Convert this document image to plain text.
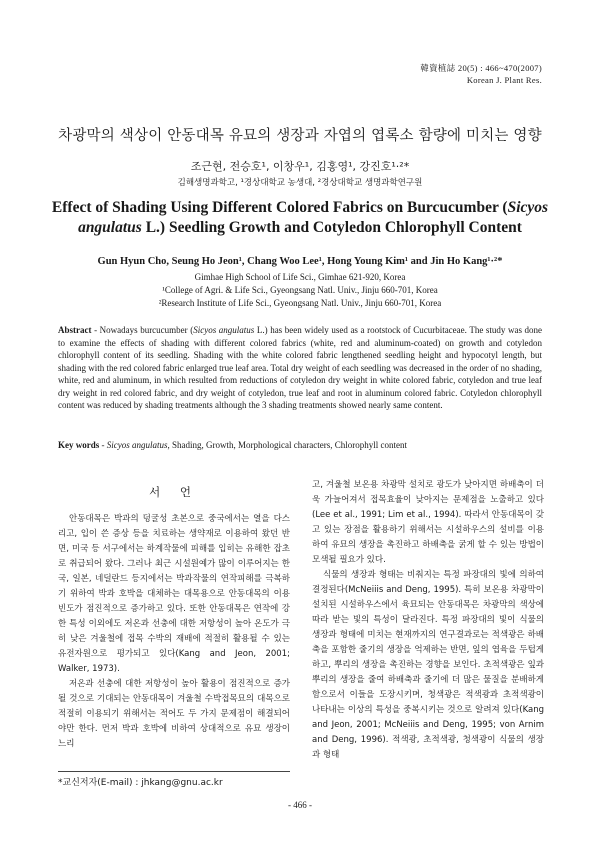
韓資植誌 20(5) : 466~470(2007)
Korean J. Plant Res.
차광막의 색상이 안동대목 유묘의 생장과 자엽의 엽록소 함량에 미치는 영향
조근현, 전승호¹, 이창우¹, 김홍영¹, 강진호¹·²*
김해생명과학고, ¹경상대학교 농생대, ²경상대학교 생명과학연구원
Effect of Shading Using Different Colored Fabrics on Burcucumber (Sicyos angulatus L.) Seedling Growth and Cotyledon Chlorophyll Content
Gun Hyun Cho, Seung Ho Jeon¹, Chang Woo Lee¹, Hong Young Kim¹ and Jin Ho Kang¹·²*
Gimhae High School of Life Sci., Gimhae 621-920, Korea
¹College of Agri. & Life Sci., Gyeongsang Natl. Univ., Jinju 660-701, Korea
²Research Institute of Life Sci., Gyeongsang Natl. Univ., Jinju 660-701, Korea
Abstract - Nowadays burcucumber (Sicyos angulatus L.) has been widely used as a rootstock of Cucurbitaceae. The study was done to examine the effects of shading with different colored fabrics (white, red and aluminum-coated) on growth and cotyledon chlorophyll content of its seedling. Shading with the white colored fabric lengthened seedling height and hypocotyl length, but shading with the red colored fabric enlarged true leaf area. Total dry weight of each seedling was decreased in the order of no shading, white, red and aluminum, in which resulted from reductions of cotyledon dry weight in white colored fabric, cotyledon and true leaf dry weight in red colored fabric, and dry weight of cotyledon, true leaf and root in aluminum colored fabric. Cotyledon chlorophyll content was reduced by shading treatments although the 3 shading treatments showed nearly same content.
Key words - Sicyos angulatus, Shading, Growth, Morphological characters, Chlorophyll content
서 언

안동대목은 박과의 덩굴성 초본으로 중국에서는 열을 다스리고, 입이 쓴 증상 등을 치료하는 생약재로 이용하여 왔던 반면, 미국 등 서구에서는 하계작물에 피해를 입히는 유해한 잡초로 취급되어 왔다. 그러나 최근 시설원예가 많이 이루어지는 한국, 일본, 네덜란드 등지에서는 박과작물의 연작피해를 극복하기 위하여 박과 호박을 대체하는 대목용으로 안동대목의 이용 빈도가 점진적으로 증가하고 있다. 또한 안동대목은 연작에 강한 특성 이외에도 저온과 선충에 대한 저항성이 높아 온도가 극히 낮은 겨울철에 접목 수박의 재배에 적절히 활용될 수 있는 유전자원으로 평가되고 있다(Kang and Jeon, 2001; Walker, 1973).

저온과 선충에 대한 저항성이 높아 활용이 점진적으로 증가될 것으로 기대되는 안동대목이 겨울철 수박접목묘의 대목으로 적절히 이용되기 위해서는 적어도 두 가지 문제점이 해결되어야만 한다. 먼저 박과 호박에 비하여 상대적으로 유묘 생장이 느리

고, 겨울철 보온용 차광막 설치로 광도가 낮아지면 하배축이 더욱 가늘어져서 접목효율이 낮아지는 문제점을 노출하고 있다 (Lee et al., 1991; Lim et al., 1994). 따라서 안동대목이 갖고 있는 장점을 활용하기 위해서는 시설하우스의 설비를 이용하여 유묘의 생장을 촉진하고 하배축을 굵게 할 수 있는 방법이 모색될 필요가 있다.

식물의 생장과 형태는 비춰지는 특정 파장대의 빛에 의하여 결정된다(McNeiiis and Deng, 1995). 특히 보온용 차광막이 설치된 시설하우스에서 육묘되는 안동대목은 차광막의 색상에 따라 받는 빛의 특성이 달라진다. 특정 파장대의 빛이 식물의 생장과 형태에 미치는 현재까지의 연구결과로는 적색광은 하배축을 포함한 줄기의 생장을 억제하는 반면, 잎의 엽육을 두텁게 하고, 뿌리의 생장을 촉진하는 경향을 보인다. 초적색광은 잎과 뿌리의 생장을 줄여 하배축과 줄기에 더 많은 물질을 분배하게 함으로서 이들을 도장시키며, 청색광은 적색광과 초적색광이 나타내는 이상의 특성을 중복시키는 것으로 알려져 있다(Kang and Jeon, 2001; McNeiiis and Deng, 1995; von Arnim and Deng, 1996). 적색광, 초적색광, 청색광이 식물의 생장과 형태

*교신저자(E-mail) : jhkang@gnu.ac.kr
- 466 -
